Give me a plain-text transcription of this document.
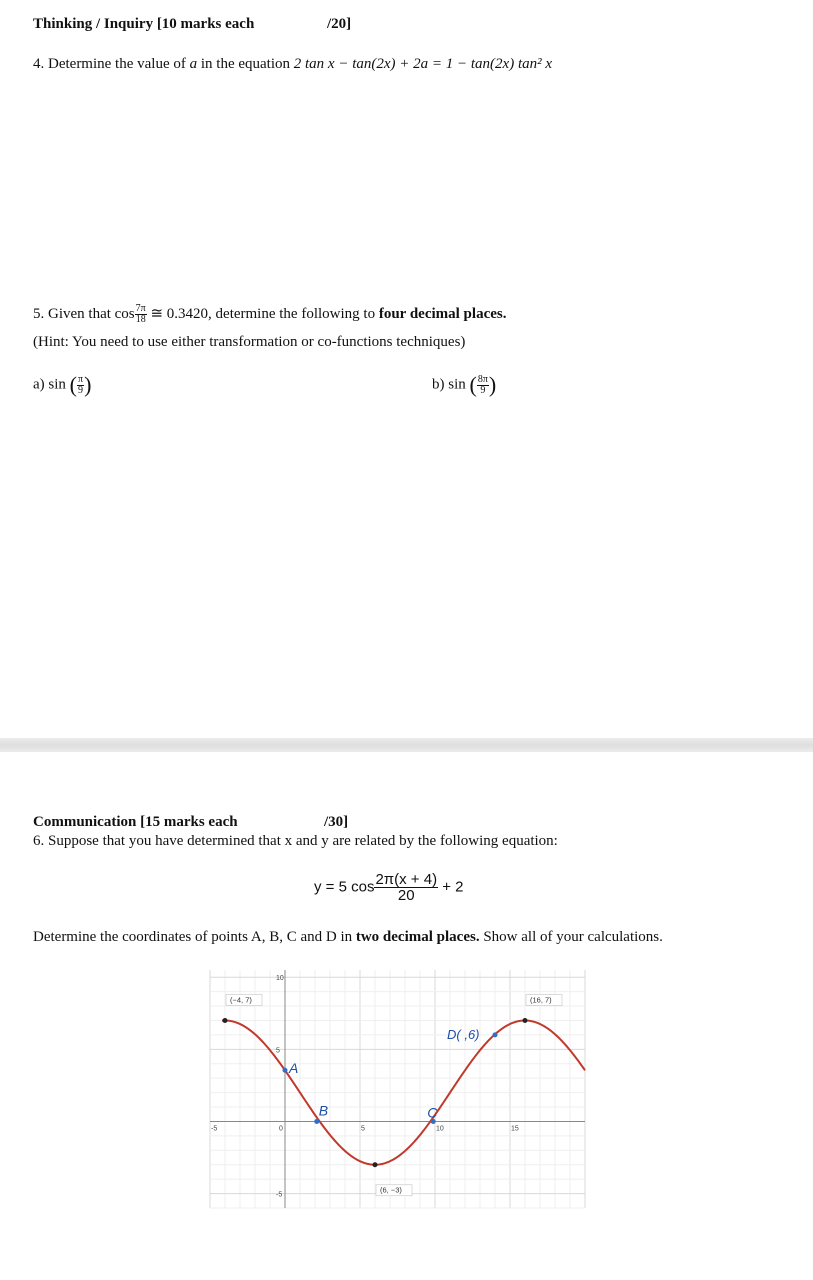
Thinking / Inquiry [10 marks each	/20]
4. Determine the value of a in the equation 2 tan x − tan(2x) + 2a = 1 − tan(2x) tan² x
5. Given that $\cos \frac{7\pi}{18}$ ≅ 0.3420, determine the following to four decimal places.
(Hint: You need to use either transformation or co-functions techniques)
a) sin ( $\frac{\pi}{9}$ )	b) sin ( $\frac{8\pi}{9}$ )
Communication [15 marks each	/30]
6. Suppose that you have determined that x and y are related by the following equation:
y = 5 $\cos \frac{2\pi(x + 4)}{20} + 2$
Determine the coordinates of points A, B, C and D in two decimal places. Show all of your calculations.
-5	0	5	10	15
10
5
-5
(−4, 7)
(6, −3)
(16, 7)
A
B	C
D( ,6)
